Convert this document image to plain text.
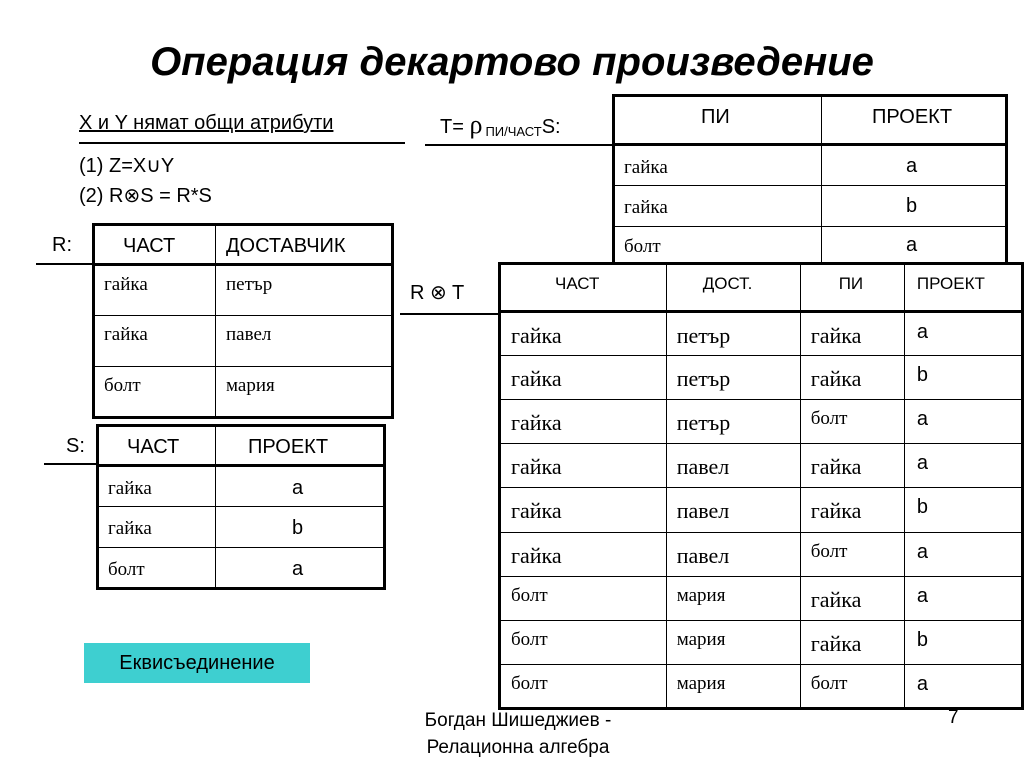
Операция декартово произведение
X и Y нямат общи атрибути
(1) Z=X∪Y
(2) R⊗S = R*S
T= ρ ПИ/ЧАСТS:
R:
S:
R ⊗ T
ЧАСТ	ДОСТАВЧИК

гайка	петър

гайка	павел

болт	мария
ЧАСТ	ПРОЕКТ

гайка	a

гайка	b

болт	a
ПИ	ПРОЕКТ

гайка	a

гайка	b

болт	a
ЧАСТ	ДОСТ.	ПИ	ПРОЕКТ

гайка	петър	гайка	a

гайка	петър	гайка	b

гайка	петър	болт	a

гайка	павел	гайка	a

гайка	павел	гайка	b

гайка	павел	болт	a

болт	мария	гайка	a

болт	мария	гайка	b

болт	мария	болт	a
Еквисъединение
Богдан Шишеджиев -
Релационна алгебра
7
